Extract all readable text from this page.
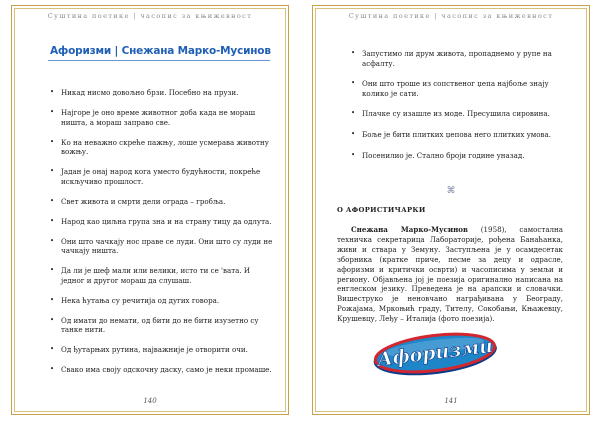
Суштина поетике | часопис за књижевност
Афоризми | Снежана Марко-Мусинов
• Никад нисмо довољно брзи. Посебно на прузи.
• Најгоре је оно време животног доба када не мораш ништа, а мораш заправо све.
• Ко на неважно скреће пажњу, лоше усмерава животну вожњу.
• Јадан је онај народ кога уместо будућности, покреће искључиво прошлост.
• Свет живота и смрти дели ограда – гробља.
• Народ као циљна група зна и на страну тицу да одлута.
• Они што чачкају нос праве се луди. Они што су луди не чачкају ништа.
• Да ли је шеф мали или велики, исто ти се 'вата. И једног и другог мораш да слушаш.
• Нека ћутања су речитија од дугих говора.
• Од имати до немати, од бити до не бити изузетно су танке нити.
• Од ђутарњих рутина, најважније је отворити очи.
• Свако има своју одскочну даску, само је неки промаше.
140
Суштина поетике | часопис за књижевност
• Запустимо ли друм живота, пропаднемо у рупе на асфалту.
• Они што троше из сопственог џепа најбоље знају колико је сати.
• Плачке су изашле из моде. Пресушила сировина.
• Боље је бити плитких џепова него плитких умова.
• Посенилио је. Стално броји године уназад.
⌘
О АФОРИСТИЧАРКИ
Снежана Марко-Мусинов (1958), самостална техничка секретарица Лабораторије, рођена Банаћанка, живи и ствара у Земуну. Заступљена је у осамдесетак зборника (кратке приче, песме за децу и одрасле, афоризми и критички осврти) и часописима у земљи и региону. Објављена јој је поезија оригинално написана на енглеском језику. Преведена је на арапски и словачки. Вишеструко је неновчано награђивана у Београду, Рожајама, Мркоњић граду, Тителу, Сокобањи, Књажевцу, Крушевцу, Леђу – Италија (фото поезија).
Афоризми
141
